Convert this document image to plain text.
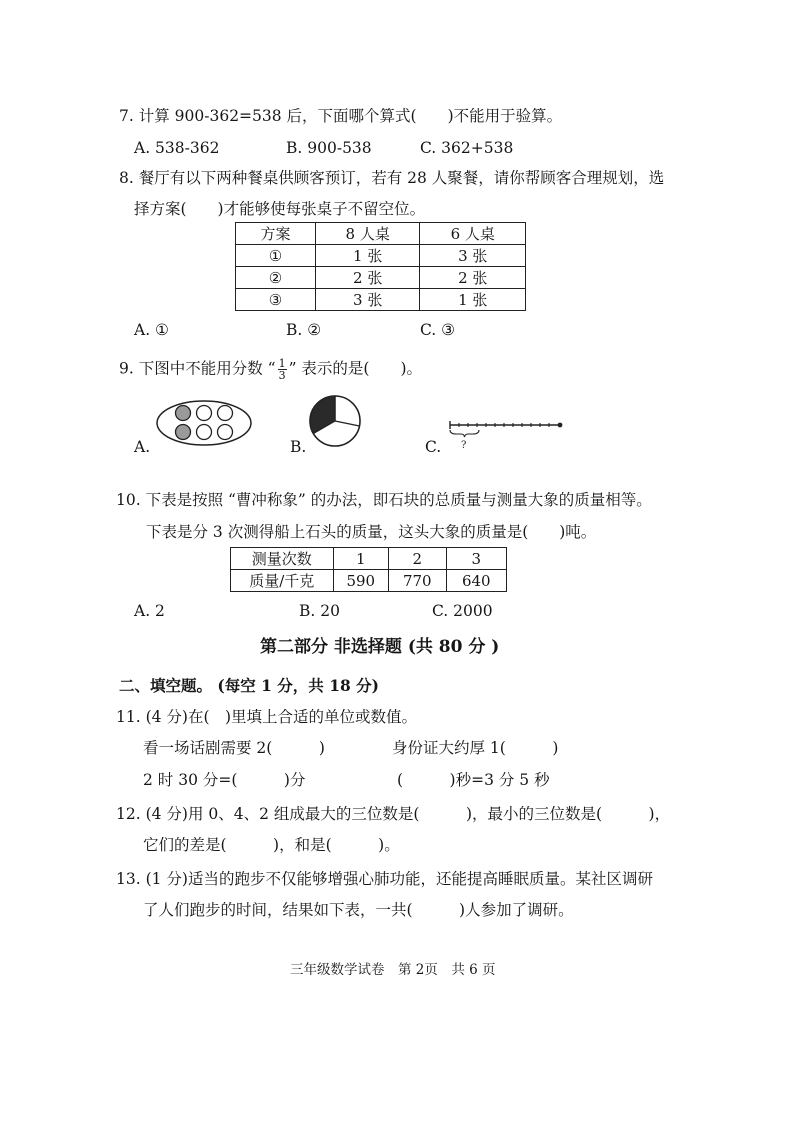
7. 计算 900-362=538 后，下面哪个算式(　　)不能用于验算。
A. 538-362	B. 900-538	C. 362+538
8. 餐厅有以下两种餐桌供顾客预订，若有 28 人聚餐，请你帮顾客合理规划，选
择方案(　　)才能够使每张桌子不留空位。
方案	8 人桌	6 人桌
①	1 张	3 张
②	2 张	2 张
③	3 张	1 张
A. ①	B. ②	C. ③
9. 下图中不能用分数 “ $\frac{1}{3}$ ” 表示的是(　　)。
A.	B.	C. ?
10. 下表是按照 “曹冲称象” 的办法，即石块的总质量与测量大象的质量相等。
下表是分 3 次测得船上石头的质量，这头大象的质量是(　　)吨。
测量次数	1	2	3
质量/千克	590	770	640
A. 2	B. 20	C. 2000
第二部分 非选择题 (共 80 分 )
二、填空题。 (每空 1 分，共 18 分)
11. (4 分)在(　)里填上合适的单位或数值。
看一场话剧需要 2(　　　)	身份证大约厚 1(　　　)
2 时 30 分=(　　　)分	(　　　)秒=3 分 5 秒
12. (4 分)用 0、4、2 组成最大的三位数是(　　　)，最小的三位数是(　　　)，
它们的差是(　　　)，和是(　　　)。
13. (1 分)适当的跑步不仅能够增强心肺功能，还能提高睡眠质量。某社区调研
了人们跑步的时间，结果如下表，一共(　　　)人参加了调研。
三年级数学试卷　第 2页　共 6 页
